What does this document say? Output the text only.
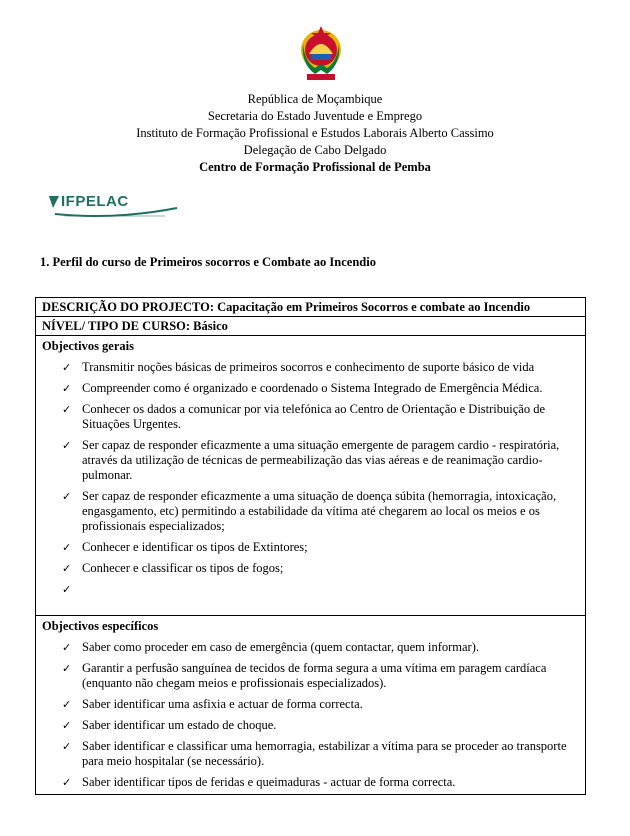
República de Moçambique
Secretaria do Estado Juventude e Emprego
Instituto de Formação Profissional e Estudos Laborais Alberto Cassimo
Delegação de Cabo Delgado
Centro de Formação Profissional de Pemba
IFPELAC
1. Perfil do curso de Primeiros socorros e Combate ao Incendio
DESCRIÇÃO DO PROJECTO: Capacitação em Primeiros Socorros e combate ao Incendio
NÍVEL/ TIPO DE CURSO: Básico
Objectivos gerais
✓ Transmitir noções básicas de primeiros socorros e conhecimento de suporte básico de vida
✓ Compreender como é organizado e coordenado o Sistema Integrado de Emergência Médica.
✓ Conhecer os dados a comunicar por via telefónica ao Centro de Orientação e Distribuição de Situações Urgentes.
✓ Ser capaz de responder eficazmente a uma situação emergente de paragem cardio - respiratória, através da utilização de técnicas de permeabilização das vias aéreas e de reanimação cardio-pulmonar.
✓ Ser capaz de responder eficazmente a uma situação de doença súbita (hemorragia, intoxicação, engasgamento, etc) permitindo a estabilidade da vítima até chegarem ao local os meios e os profissionais especializados;
✓ Conhecer e identificar os tipos de Extintores;
✓ Conhecer e classificar os tipos de fogos;
✓
Objectivos específicos
✓ Saber como proceder em caso de emergência (quem contactar, quem informar).
✓ Garantir a perfusão sanguínea de tecidos de forma segura a uma vítima em paragem cardíaca (enquanto não chegam meios e profissionais especializados).
✓ Saber identificar uma asfixia e actuar de forma correcta.
✓ Saber identificar um estado de choque.
✓ Saber identificar e classificar uma hemorragia, estabilizar a vítima para se proceder ao transporte para meio hospitalar (se necessário).
✓ Saber identificar tipos de feridas e queimaduras - actuar de forma correcta.
